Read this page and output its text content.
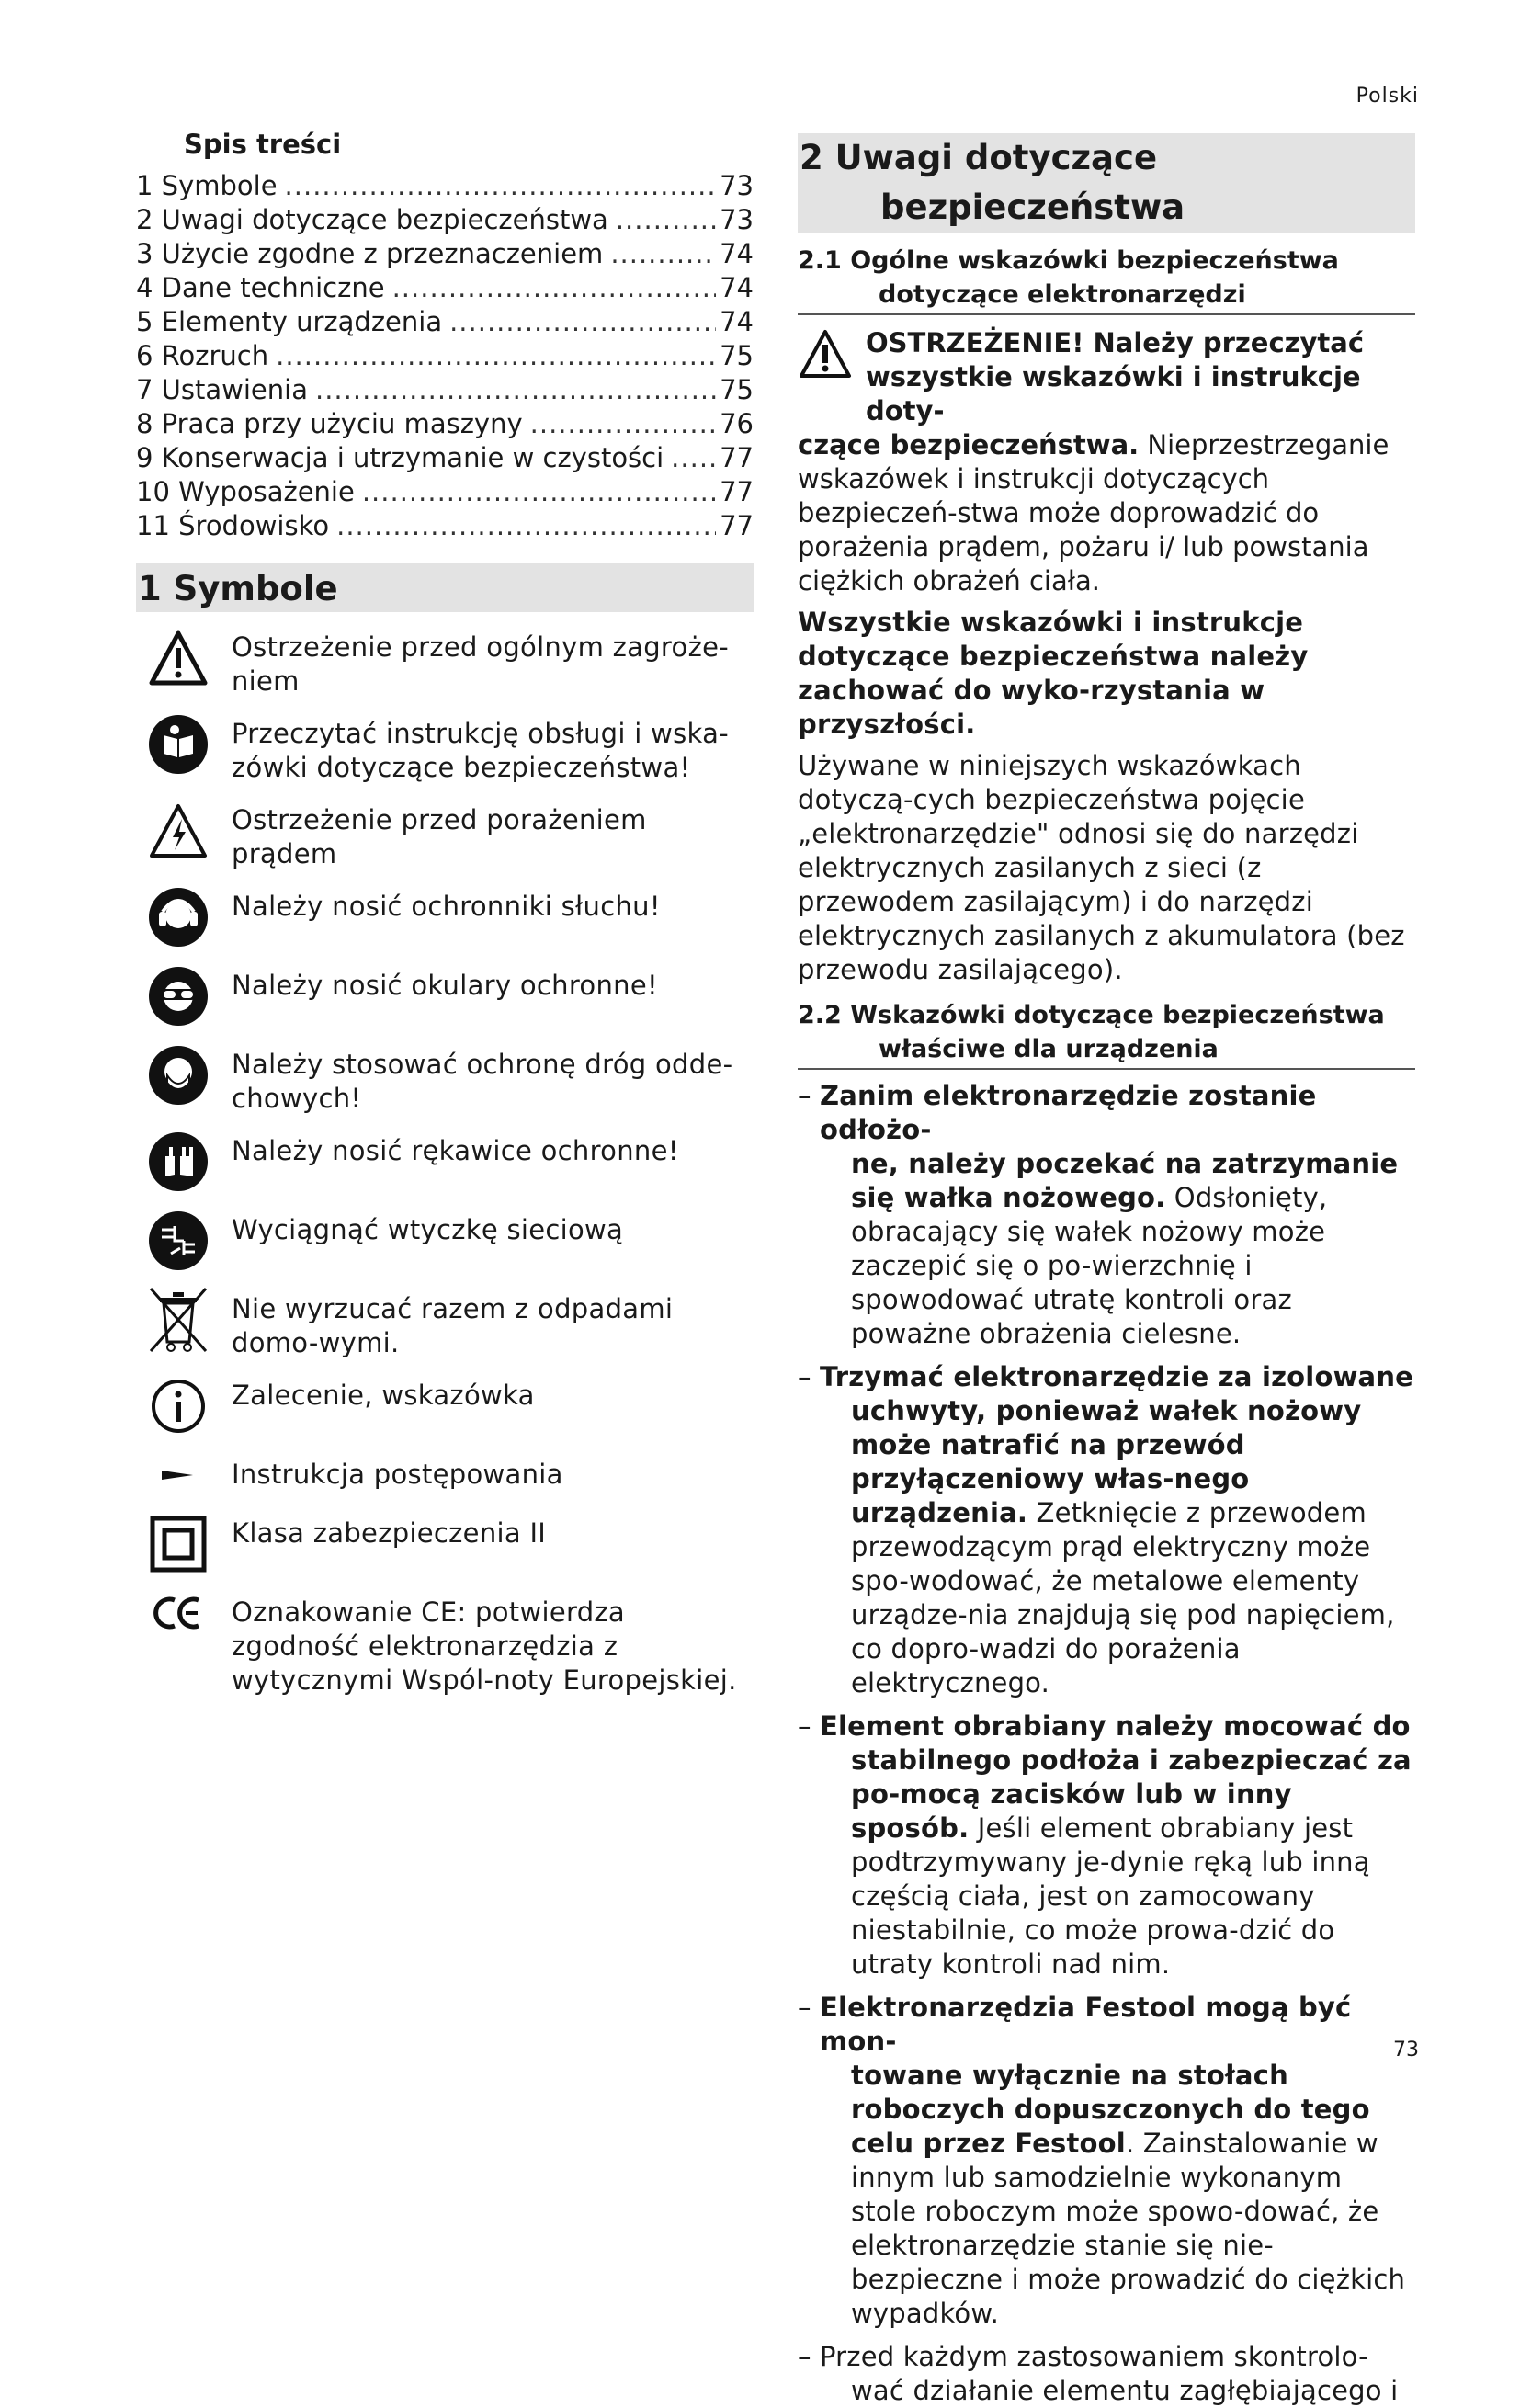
Polski
Spis treści
1 Symbole .....	73
2 Uwagi dotyczące bezpieczeństwa .....	73
3 Użycie zgodne z przeznaczeniem .....	74
4 Dane techniczne .....	74
5 Elementy urządzenia .....	74
6 Rozruch .....	75
7 Ustawienia .....	75
8 Praca przy użyciu maszyny .....	76
9 Konserwacja i utrzymanie w czystości ..... 77
10 Wyposażenie .....	77
11 Środowisko .....	77
1 Symbole
Ostrzeżenie przed ogólnym zagroże-niem
Przeczytać instrukcję obsługi i wska-zówki dotyczące bezpieczeństwa!
Ostrzeżenie przed porażeniem prądem
Należy nosić ochronniki słuchu!
Należy nosić okulary ochronne!
Należy stosować ochronę dróg odde-chowych!
Należy nosić rękawice ochronne!
Wyciągnąć wtyczkę sieciową
Nie wyrzucać razem z odpadami domo-wymi.
Zalecenie, wskazówka
Instrukcja postępowania
Klasa zabezpieczenia II
Oznakowanie CE: potwierdza zgodność elektronarzędzia z wytycznymi Wspól-noty Europejskiej.
2 Uwagi dotyczące
bezpieczeństwa
2.1 Ogólne wskazówki bezpieczeństwa
dotyczące elektronarzędzi
OSTRZEŻENIE! Należy przeczytać
wszystkie wskazówki i instrukcje doty-
czące bezpieczeństwa. Nieprzestrzeganie wskazówek i instrukcji dotyczących bezpieczeń-stwa może doprowadzić do porażenia prądem, pożaru i/ lub powstania ciężkich obrażeń ciała.
Wszystkie wskazówki i instrukcje dotyczące bezpieczeństwa należy zachować do wyko-rzystania w przyszłości.
Używane w niniejszych wskazówkach dotyczą-cych bezpieczeństwa pojęcie „elektronarzędzie" odnosi się do narzędzi elektrycznych zasilanych z sieci (z przewodem zasilającym) i do narzędzi elektrycznych zasilanych z akumulatora (bez przewodu zasilającego).
2.2 Wskazówki dotyczące bezpieczeństwa
właściwe dla urządzenia
– Zanim elektronarzędzie zostanie odłożo-
ne, należy poczekać na zatrzymanie się wałka nożowego. Odsłonięty, obracający się wałek nożowy może zaczepić się o po-wierzchnię i spowodować utratę kontroli oraz poważne obrażenia cielesne.
– Trzymać elektronarzędzie za izolowane
uchwyty, ponieważ wałek nożowy może natrafić na przewód przyłączeniowy włas-nego urządzenia. Zetknięcie z przewodem przewodzącym prąd elektryczny może spo-wodować, że metalowe elementy urządze-nia znajdują się pod napięciem, co dopro-wadzi do porażenia elektrycznego.
– Element obrabiany należy mocować do
stabilnego podłoża i zabezpieczać za po-mocą zacisków lub w inny sposób. Jeśli element obrabiany jest podtrzymywany je-dynie ręką lub inną częścią ciała, jest on zamocowany niestabilnie, co może prowa-dzić do utraty kontroli nad nim.
– Elektronarzędzia Festool mogą być mon-
towane wyłącznie na stołach roboczych dopuszczonych do tego celu przez Festool. Zainstalowanie w innym lub samodzielnie wykonanym stole roboczym może spowo-dować, że elektronarzędzie stanie się nie-bezpieczne i może prowadzić do ciężkich wypadków.
– Przed każdym zastosowaniem skontrolo-
wać działanie elementu zagłębiającego i
73
